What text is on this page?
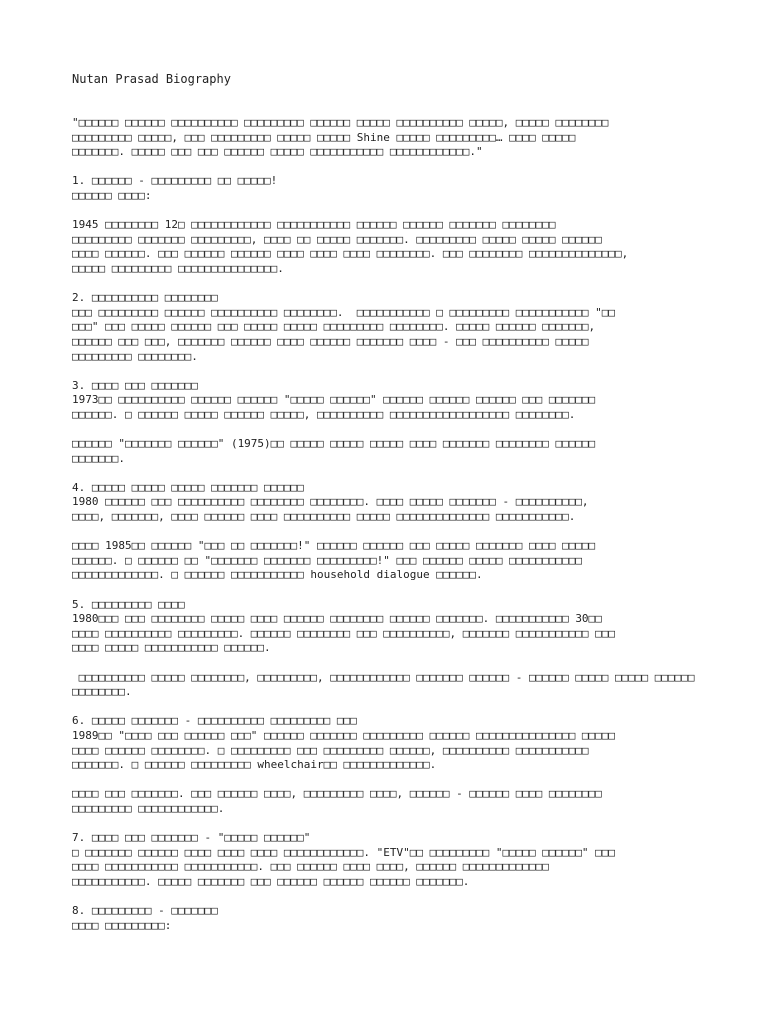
Nutan Prasad Biography
"□□□□□□ □□□□□□ □□□□□□□□□□ □□□□□□□□□ □□□□□□ □□□□□ □□□□□□□□□□ □□□□□, □□□□□ □□□□□□□□
□□□□□□□□□ □□□□□, □□□ □□□□□□□□□ □□□□□ □□□□□ Shine □□□□□ □□□□□□□□□… □□□□ □□□□□
□□□□□□□. □□□□□ □□□ □□□ □□□□□□ □□□□□ □□□□□□□□□□□ □□□□□□□□□□□□."
1. □□□□□□ - □□□□□□□□□ □□ □□□□□!
□□□□□□ □□□□:
1945 □□□□□□□□ 12□ □□□□□□□□□□□□ □□□□□□□□□□□ □□□□□□ □□□□□□ □□□□□□□ □□□□□□□□
□□□□□□□□□ □□□□□□□ □□□□□□□□□, □□□□ □□ □□□□□ □□□□□□□. □□□□□□□□□ □□□□□ □□□□□ □□□□□□
□□□□ □□□□□□. □□□ □□□□□□ □□□□□□ □□□□ □□□□ □□□□ □□□□□□□□. □□□ □□□□□□□□ □□□□□□□□□□□□□□,
□□□□□ □□□□□□□□□ □□□□□□□□□□□□□□□.
2. □□□□□□□□□□ □□□□□□□□
□□□ □□□□□□□□□ □□□□□□ □□□□□□□□□□ □□□□□□□□.  □□□□□□□□□□□ □ □□□□□□□□□ □□□□□□□□□□□ "□□
□□□" □□□ □□□□□ □□□□□□ □□□ □□□□□ □□□□□ □□□□□□□□□ □□□□□□□□. □□□□□ □□□□□□ □□□□□□□,
□□□□□□ □□□ □□□, □□□□□□□ □□□□□□ □□□□ □□□□□□ □□□□□□□ □□□□ - □□□ □□□□□□□□□□ □□□□□
□□□□□□□□□ □□□□□□□□.
3. □□□□ □□□ □□□□□□□
1973□□ □□□□□□□□□□ □□□□□□ □□□□□□ "□□□□□ □□□□□□" □□□□□□ □□□□□□ □□□□□□ □□□ □□□□□□□
□□□□□□. □ □□□□□□ □□□□□ □□□□□□ □□□□□, □□□□□□□□□□ □□□□□□□□□□□□□□□□□□ □□□□□□□□.
□□□□□□ "□□□□□□□ □□□□□□" (1975)□□ □□□□□ □□□□□ □□□□□ □□□□ □□□□□□□ □□□□□□□□ □□□□□□
□□□□□□□.
4. □□□□□ □□□□□ □□□□□ □□□□□□□ □□□□□□
1980 □□□□□□ □□□ □□□□□□□□□□ □□□□□□□□ □□□□□□□□. □□□□ □□□□□ □□□□□□□ - □□□□□□□□□□,
□□□□, □□□□□□□, □□□□ □□□□□□ □□□□ □□□□□□□□□□ □□□□□ □□□□□□□□□□□□□□ □□□□□□□□□□□.
□□□□ 1985□□ □□□□□□ "□□□ □□ □□□□□□□!" □□□□□□ □□□□□□ □□□ □□□□□ □□□□□□□ □□□□ □□□□□
□□□□□□. □ □□□□□□ □□ "□□□□□□□ □□□□□□□ □□□□□□□□□!" □□□ □□□□□□ □□□□□ □□□□□□□□□□□
□□□□□□□□□□□□□. □ □□□□□□ □□□□□□□□□□□ household dialogue □□□□□□.
5. □□□□□□□□□ □□□□
1980□□□ □□□ □□□□□□□□ □□□□□ □□□□ □□□□□□ □□□□□□□□ □□□□□□ □□□□□□□. □□□□□□□□□□□ 30□□
□□□□ □□□□□□□□□□ □□□□□□□□□. □□□□□□ □□□□□□□□ □□□ □□□□□□□□□□, □□□□□□□ □□□□□□□□□□□ □□□
□□□□ □□□□□ □□□□□□□□□□□ □□□□□□.
□□□□□□□□□□ □□□□□ □□□□□□□□, □□□□□□□□□, □□□□□□□□□□□□ □□□□□□□ □□□□□□ - □□□□□□ □□□□□ □□□□□ □□□□□□
□□□□□□□□.
6. □□□□□ □□□□□□□ - □□□□□□□□□□ □□□□□□□□□ □□□
1989□□ "□□□□ □□□ □□□□□□ □□□" □□□□□□ □□□□□□□ □□□□□□□□□ □□□□□□ □□□□□□□□□□□□□□□ □□□□□
□□□□ □□□□□□ □□□□□□□□. □ □□□□□□□□□ □□□ □□□□□□□□□ □□□□□□, □□□□□□□□□□ □□□□□□□□□□□
□□□□□□□. □ □□□□□□ □□□□□□□□□ wheelchair□□ □□□□□□□□□□□□□.
□□□□ □□□ □□□□□□□. □□□ □□□□□□ □□□□, □□□□□□□□□ □□□□, □□□□□□ - □□□□□□ □□□□ □□□□□□□□
□□□□□□□□□ □□□□□□□□□□□□.
7. □□□□ □□□ □□□□□□□ - "□□□□□ □□□□□□"
□ □□□□□□□ □□□□□□ □□□□ □□□□ □□□□ □□□□□□□□□□□□. "ETV"□□ □□□□□□□□□ "□□□□□ □□□□□□" □□□
□□□□ □□□□□□□□□□□ □□□□□□□□□□□. □□□ □□□□□□ □□□□ □□□□, □□□□□□ □□□□□□□□□□□□□
□□□□□□□□□□□. □□□□□ □□□□□□□ □□□ □□□□□□ □□□□□□ □□□□□□ □□□□□□□.
8. □□□□□□□□□ - □□□□□□□
□□□□ □□□□□□□□□:
